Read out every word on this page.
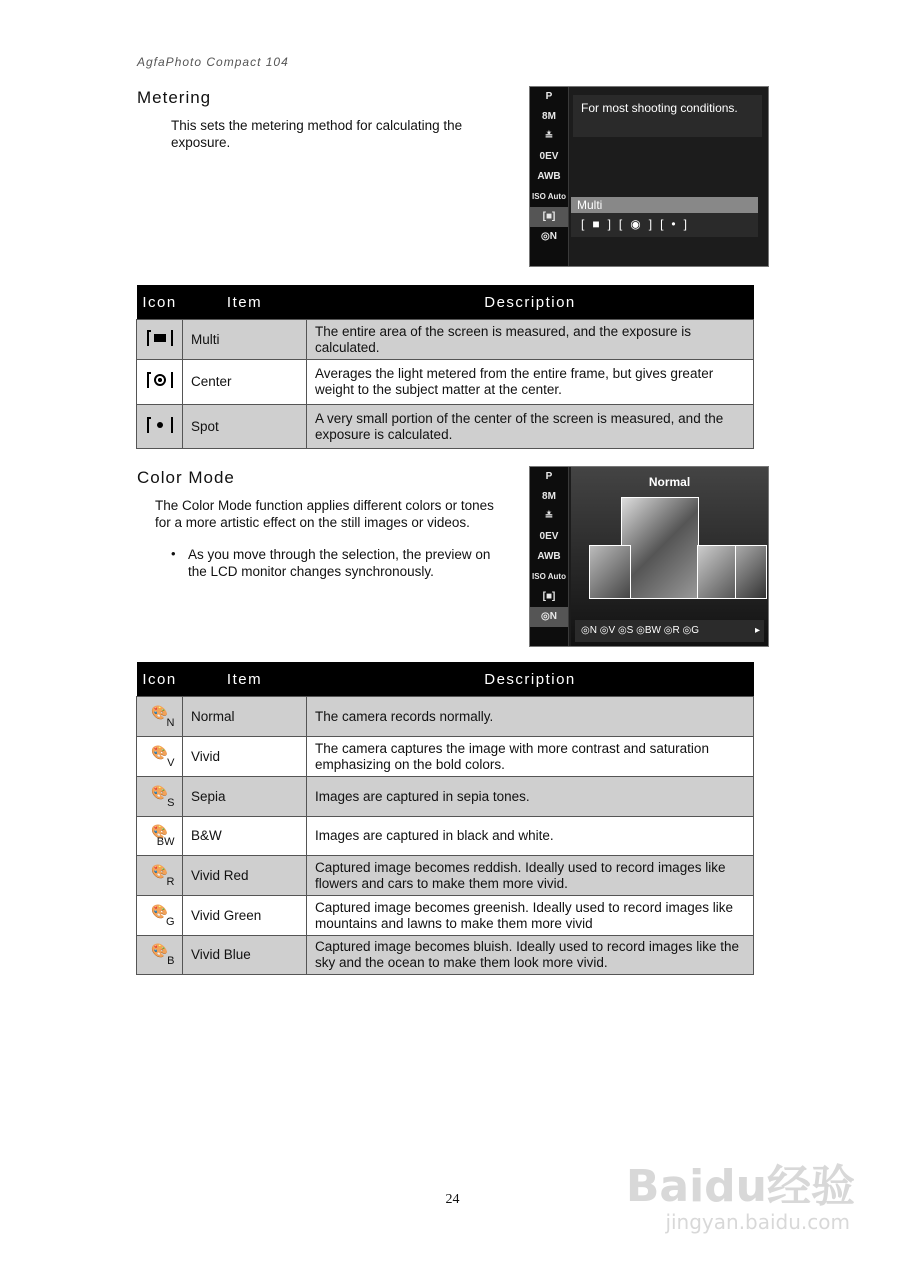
AgfaPhoto Compact 104
Metering
This sets the metering method for calculating the exposure.
P
8M
≛
0EV
AWB
ISO Auto
[■]
◎N
For most shooting conditions.
Multi
[■][◉][•]
Icon	Item	Description

	Multi	The entire area of the screen is measured, and the exposure is calculated.

	Center	Averages the light metered from the entire frame, but gives greater weight to the subject matter at the center.

	Spot	A very small portion of the center of the screen is measured, and the exposure is calculated.
Color Mode
The Color Mode function applies different colors or tones for a more artistic effect on the still images or videos.
• As you move through the selection, the preview on the LCD monitor changes synchronously.
P
8M
≛
0EV
AWB
ISO Auto
[■]
◎N
Normal
◎N ◎V ◎S ◎BW ◎R ◎G	▸
Icon	Item	Description
🎨
N	Normal	The camera records normally.
🎨
V	Vivid	The camera captures the image with more contrast and saturation emphasizing on the bold colors.
🎨
S	Sepia	Images are captured in sepia tones.
🎨
BW	B&W	Images are captured in black and white.
🎨
R	Vivid Red	Captured image becomes reddish. Ideally used to record images like flowers and cars to make them more vivid.
🎨
G	Vivid Green	Captured image becomes greenish. Ideally used to record images like mountains and lawns to make them more vivid
🎨
B	Vivid Blue	Captured image becomes bluish. Ideally used to record images like the sky and the ocean to make them look more vivid.
24	Baidu经验
jingyan.baidu.com
